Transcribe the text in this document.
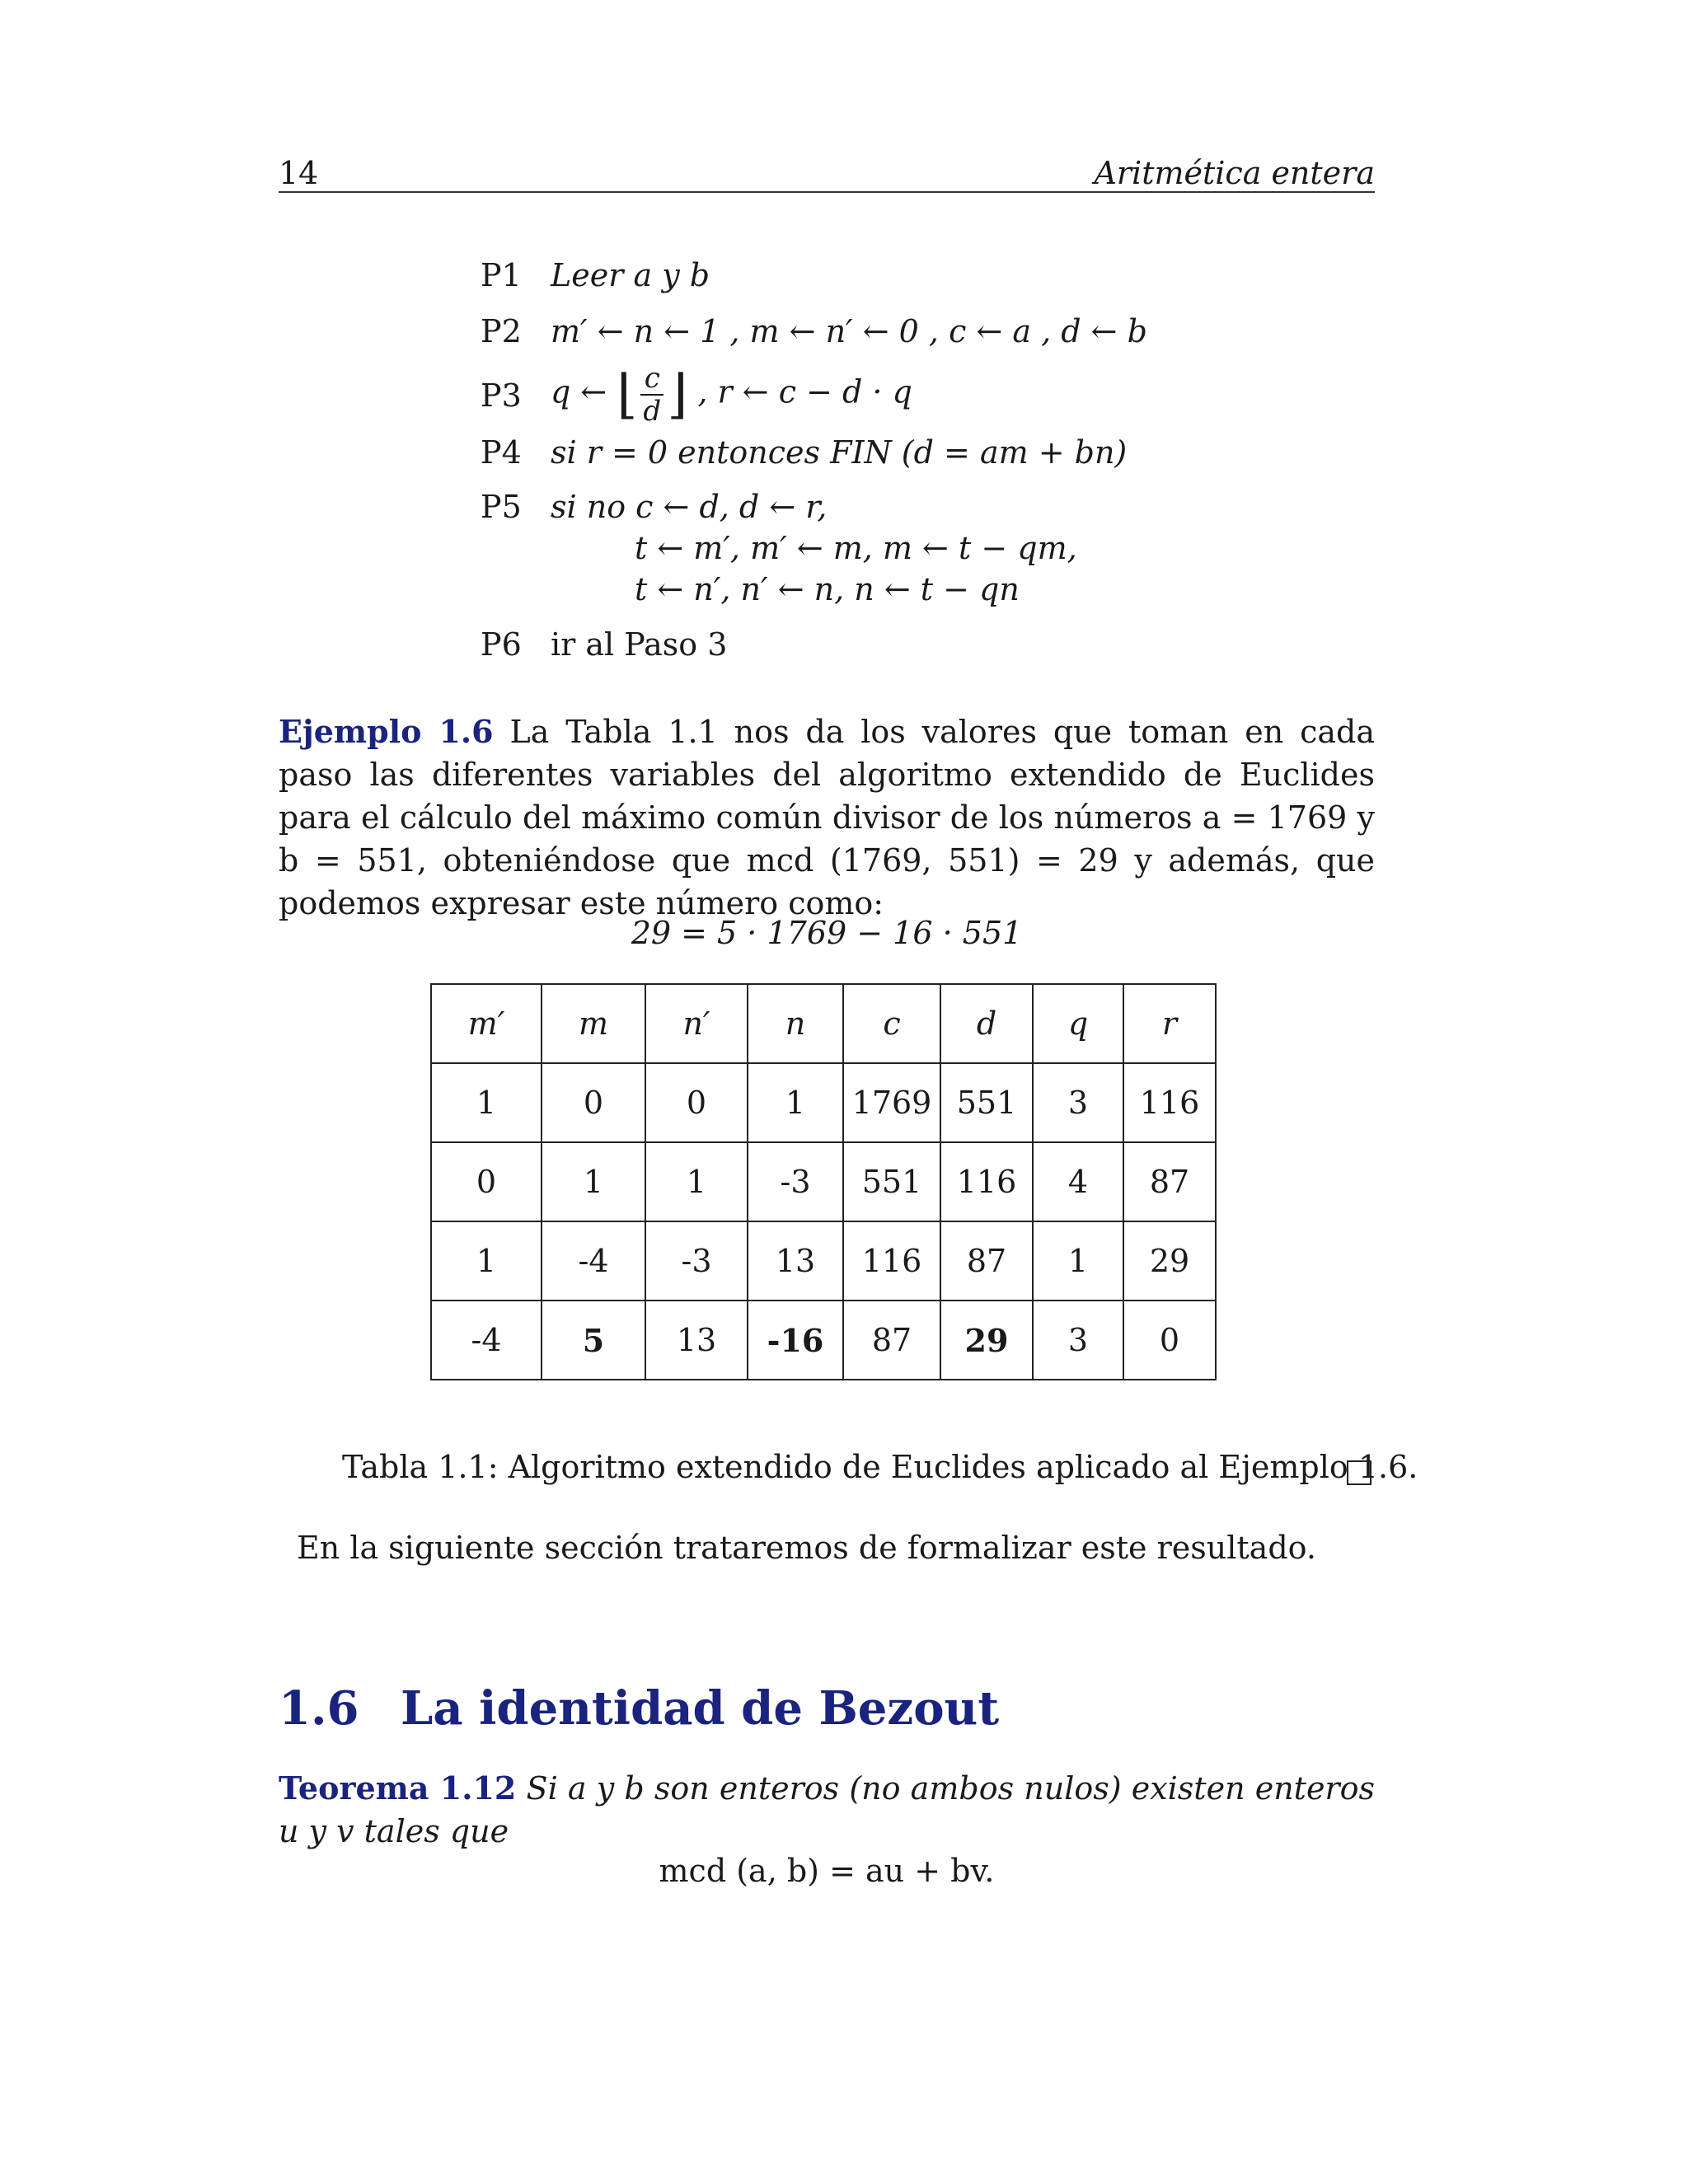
14	Aritmética entera
P1 Leer a y b
P2 m′ ← n ← 1 , m ← n′ ← 0 , c ← a , d ← b
P3 q ← ⌊ $\frac{c}{d}$ ⌋ , r ← c − d · q
P4 si r = 0 entonces FIN (d = am + bn)
P5 si no c ← d, d ← r,
t ← m′, m′ ← m, m ← t − qm,
t ← n′, n′ ← n, n ← t − qn
P6 ir al Paso 3
Ejemplo 1.6 La Tabla 1.1 nos da los valores que toman en cada paso las diferentes variables del algoritmo extendido de Euclides para el cálculo del máximo común divisor de los números a = 1769 y b = 551, obteniéndose que mcd (1769, 551) = 29 y además, que podemos expresar este número como:
29 = 5 · 1769 − 16 · 551
m′	m	n′	n	c	d	q	r
1	0	0	1	1769	551	3	116
0	1	1	-3	551	116	4	87
1	-4	-3	13	116	87	1	29
-4	5	13	-16	87	29	3	0
Tabla 1.1: Algoritmo extendido de Euclides aplicado al Ejemplo 1.6.
En la siguiente sección trataremos de formalizar este resultado.
1.6 La identidad de Bezout
Teorema 1.12 Si a y b son enteros (no ambos nulos) existen enteros u y v tales que
mcd (a, b) = au + bv.
